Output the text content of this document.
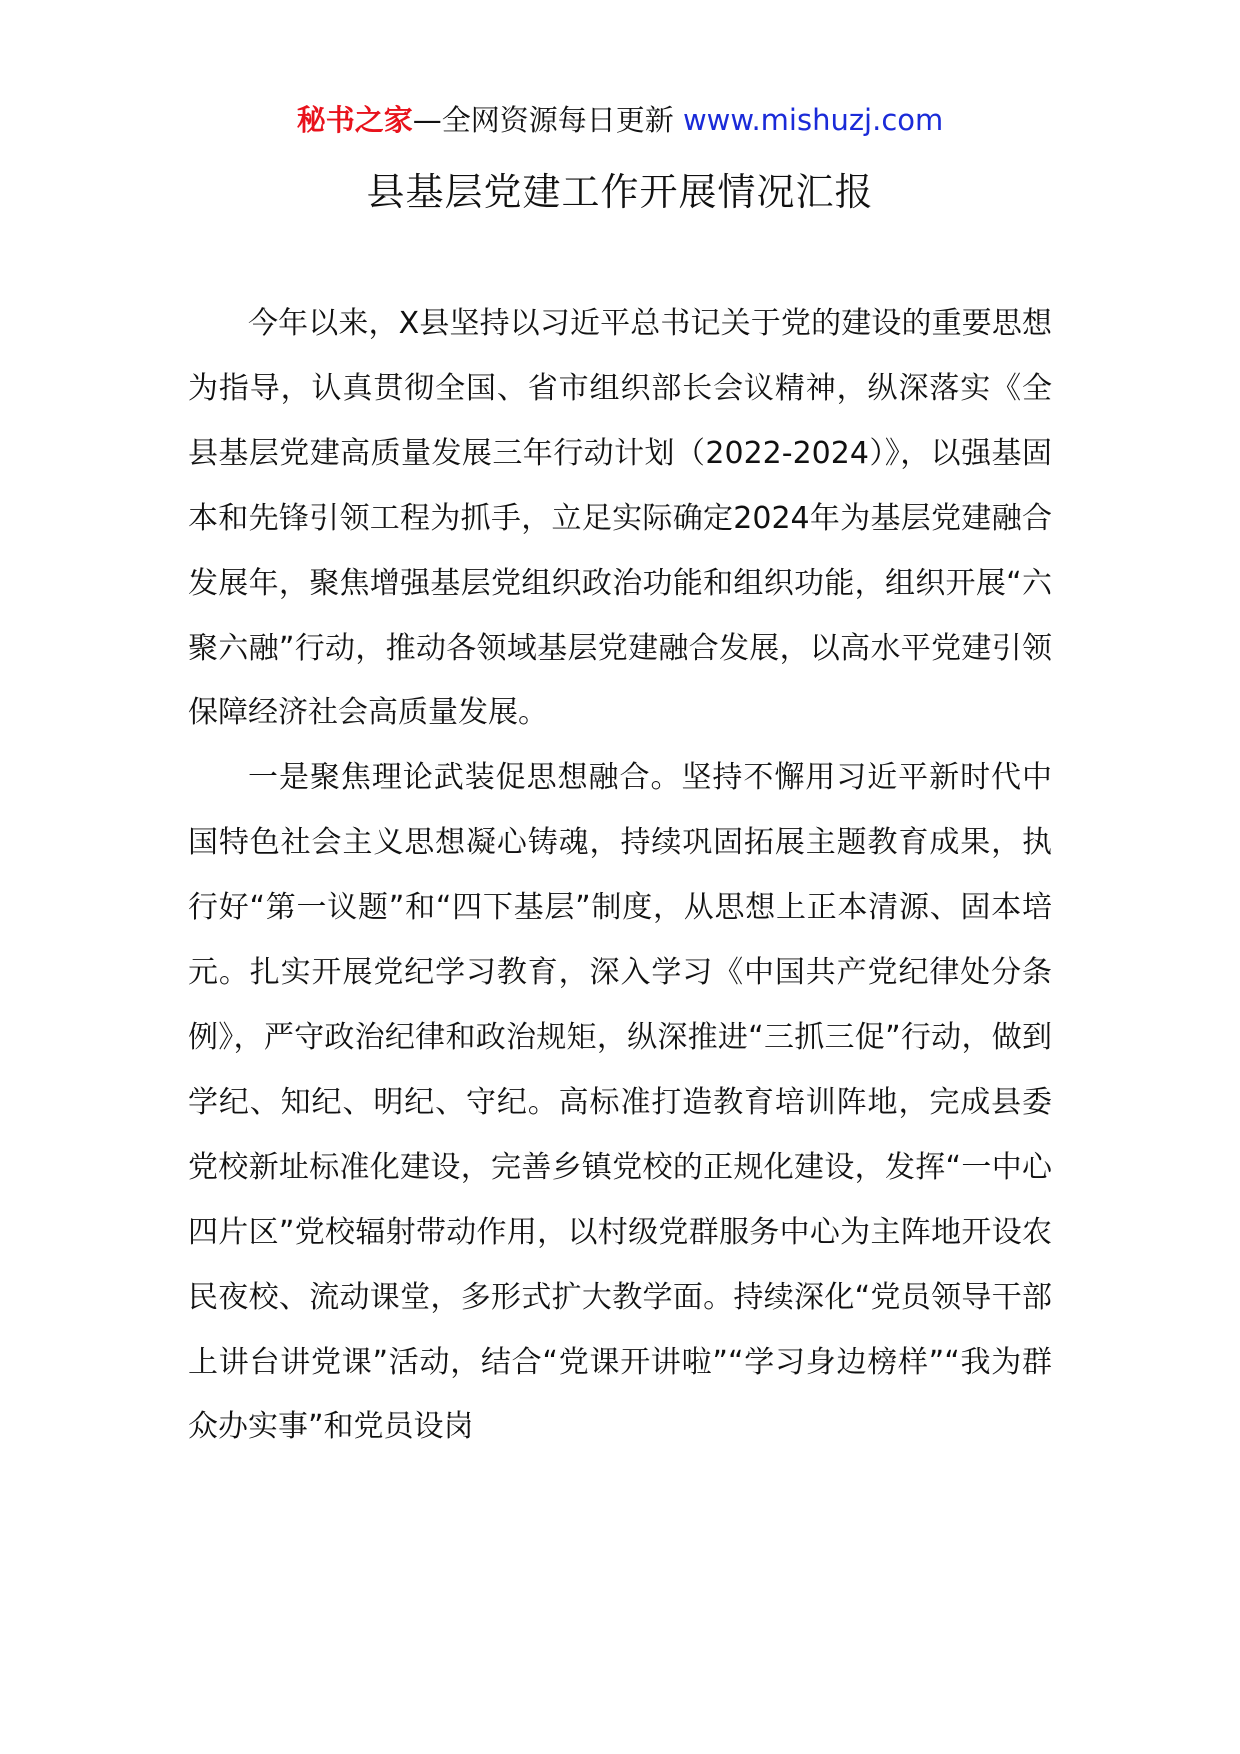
秘书之家—全网资源每日更新 www.mishuzj.com
县基层党建工作开展情况汇报

今年以来，X县坚持以习近平总书记关于党的建设的重要思想为指导，认真贯彻全国、省市组织部长会议精神，纵深落实《全县基层党建高质量发展三年行动计划（2022-2024）》，以强基固本和先锋引领工程为抓手，立足实际确定2024年为基层党建融合发展年，聚焦增强基层党组织政治功能和组织功能，组织开展“六聚六融”行动，推动各领域基层党建融合发展，以高水平党建引领保障经济社会高质量发展。

一是聚焦理论武装促思想融合。坚持不懈用习近平新时代中国特色社会主义思想凝心铸魂，持续巩固拓展主题教育成果，执行好“第一议题”和“四下基层”制度，从思想上正本清源、固本培元。扎实开展党纪学习教育，深入学习《中国共产党纪律处分条例》，严守政治纪律和政治规矩，纵深推进“三抓三促”行动，做到学纪、知纪、明纪、守纪。高标准打造教育培训阵地，完成县委党校新址标准化建设，完善乡镇党校的正规化建设，发挥“一中心四片区”党校辐射带动作用，以村级党群服务中心为主阵地开设农民夜校、流动课堂，多形式扩大教学面。持续深化“党员领导干部上讲台讲党课”活动，结合“党课开讲啦”“学习身边榜样”“我为群众办实事”和党员设岗
